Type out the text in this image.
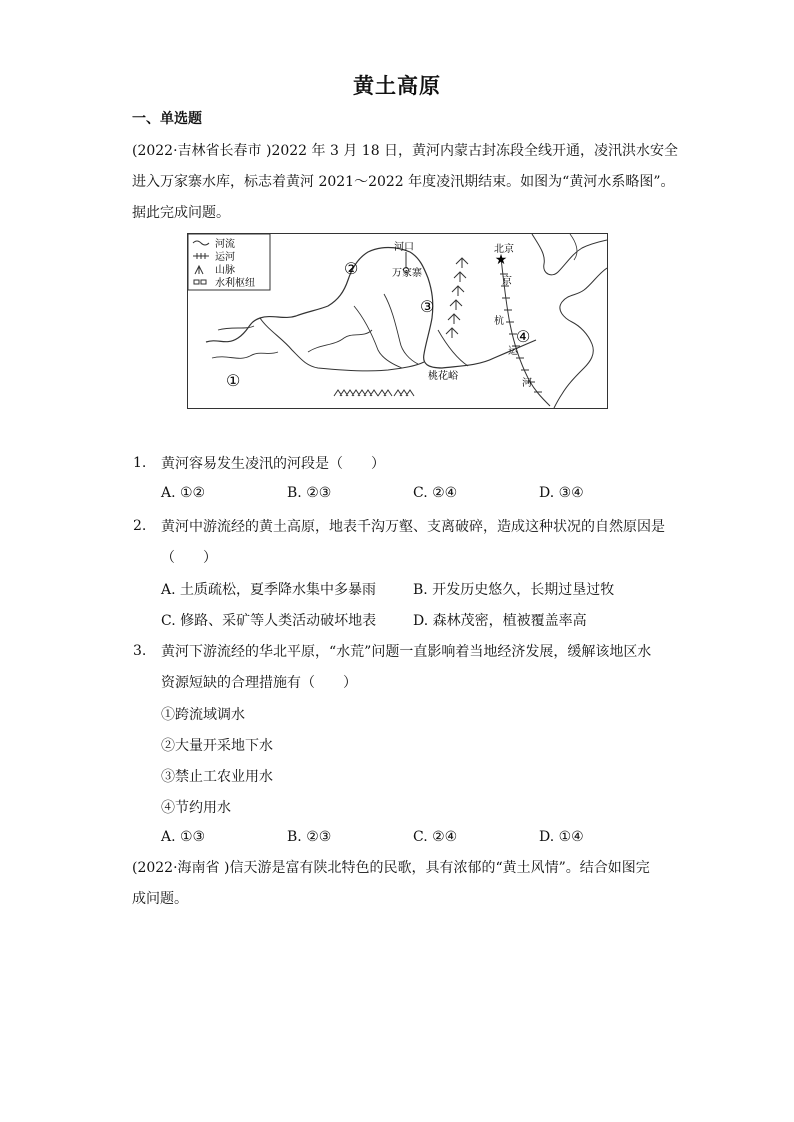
黄土高原
一、单选题
(2022·吉林省长春市 )2022 年 3 月 18 日，黄河内蒙古封冻段全线开通，凌汛洪水安全
进入万家寨水库，标志着黄河 2021～2022 年度凌汛期结束。如图为“黄河水系略图”。
据此完成问题。
河流
运河
山脉
水利枢纽
河口
万家寨
★
北京
京
杭
运
河
桃花峪
①
②
③
④
1. 黄河容易发生凌汛的河段是（　　）
A. ①②	B. ②③	C. ②④	D. ③④
2. 黄河中游流经的黄土高原，地表千沟万壑、支离破碎，造成这种状况的自然原因是
（　　）
A. 土质疏松，夏季降水集中多暴雨	B. 开发历史悠久，长期过垦过牧
C. 修路、采矿等人类活动破坏地表	D. 森林茂密，植被覆盖率高
3. 黄河下游流经的华北平原，“水荒”问题一直影响着当地经济发展，缓解该地区水
资源短缺的合理措施有（　　）
①跨流域调水
②大量开采地下水
③禁止工农业用水
④节约用水
A. ①③	B. ②③	C. ②④	D. ①④
(2022·海南省 )信天游是富有陕北特色的民歌，具有浓郁的“黄土风情”。结合如图完
成问题。
